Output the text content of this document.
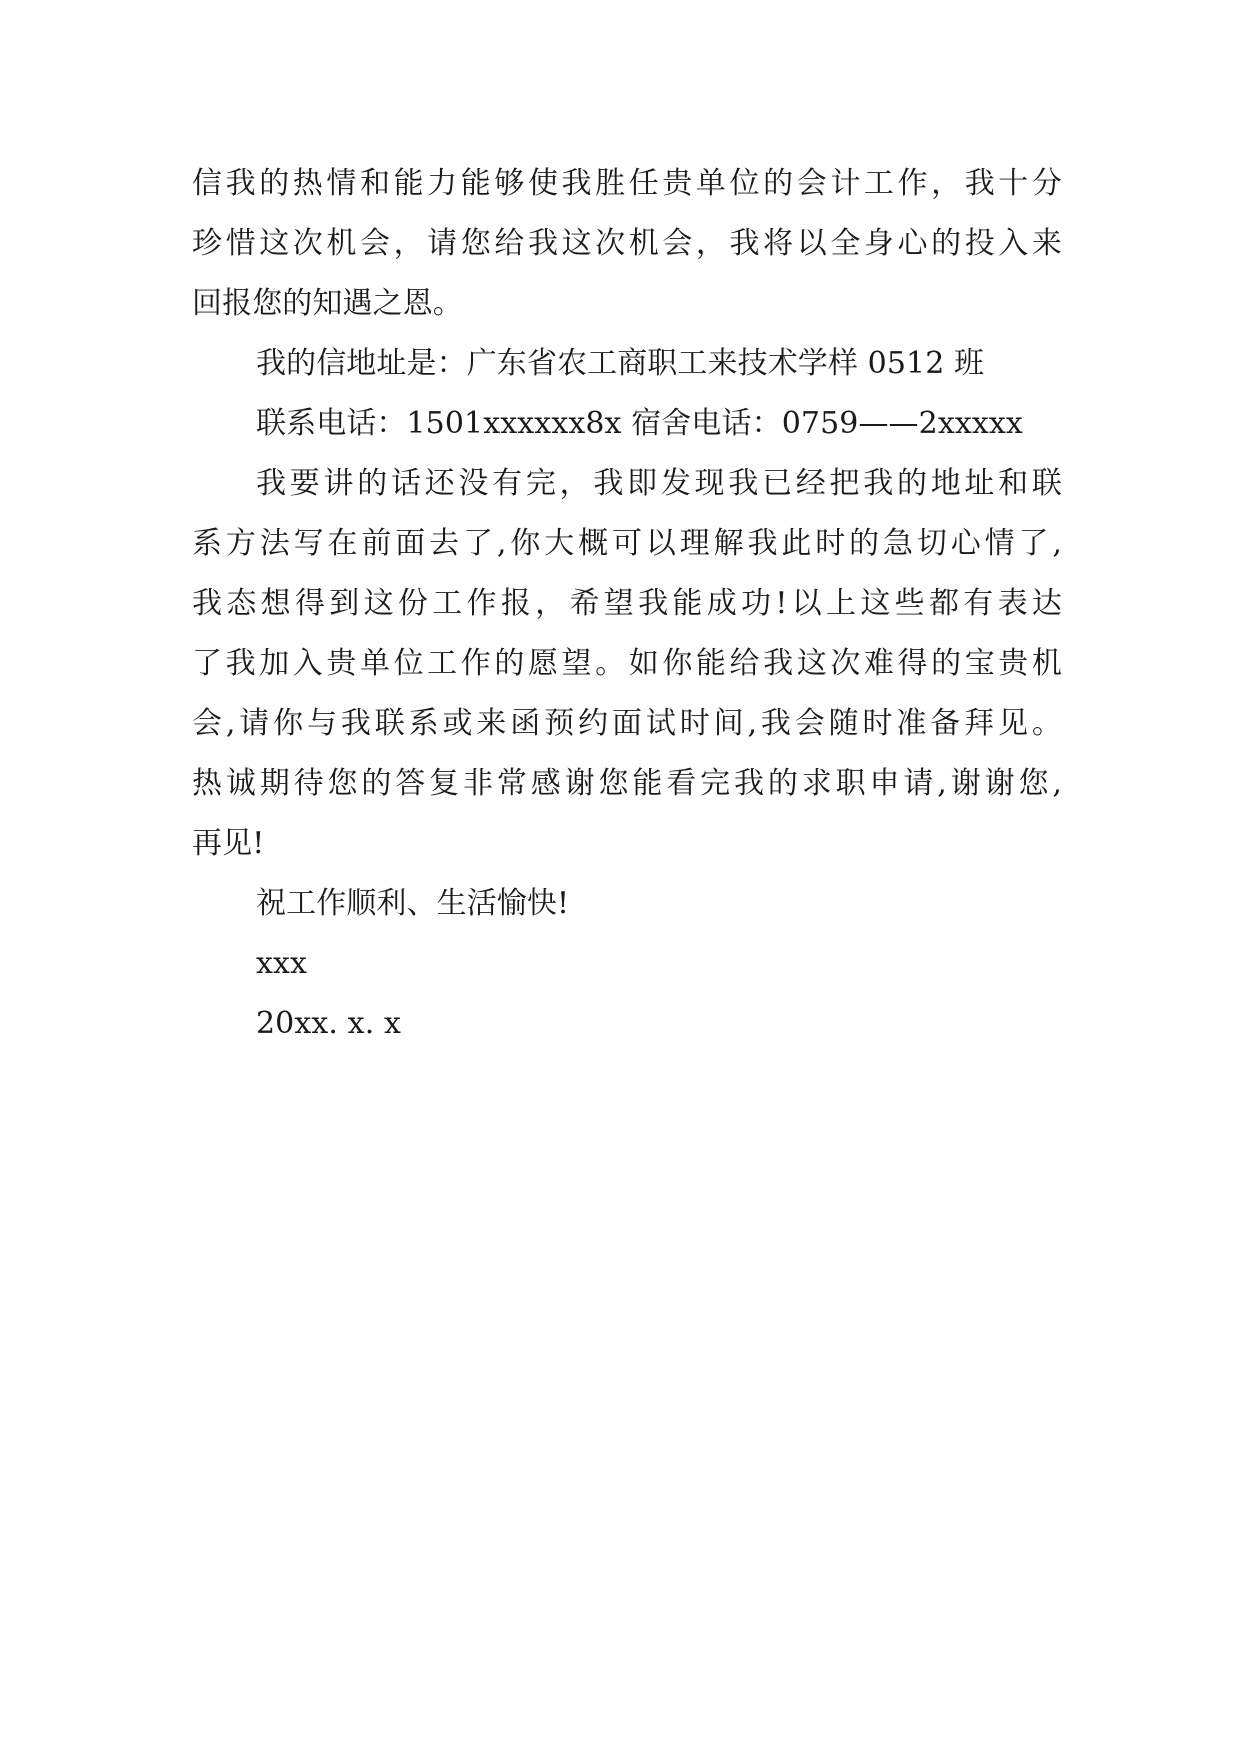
信我的热情和能力能够使我胜任贵单位的会计工作，我十分
珍惜这次机会，请您给我这次机会，我将以全身心的投入来
回报您的知遇之恩。
我的信地址是：广东省农工商职工来技术学样 0512 班
联系电话：1501xxxxxx8x 宿舍电话：0759——2xxxxx
我要讲的话还没有完，我即发现我已经把我的地址和联
系方法写在前面去了,你大概可以理解我此时的急切心情了,
我态想得到这份工作报，希望我能成功!以上这些都有表达
了我加入贵单位工作的愿望。如你能给我这次难得的宝贵机
会,请你与我联系或来函预约面试时间,我会随时准备拜见。
热诚期待您的答复非常感谢您能看完我的求职申请,谢谢您,
再见!
祝工作顺利、生活愉快!
xxx
20xx. x. x
